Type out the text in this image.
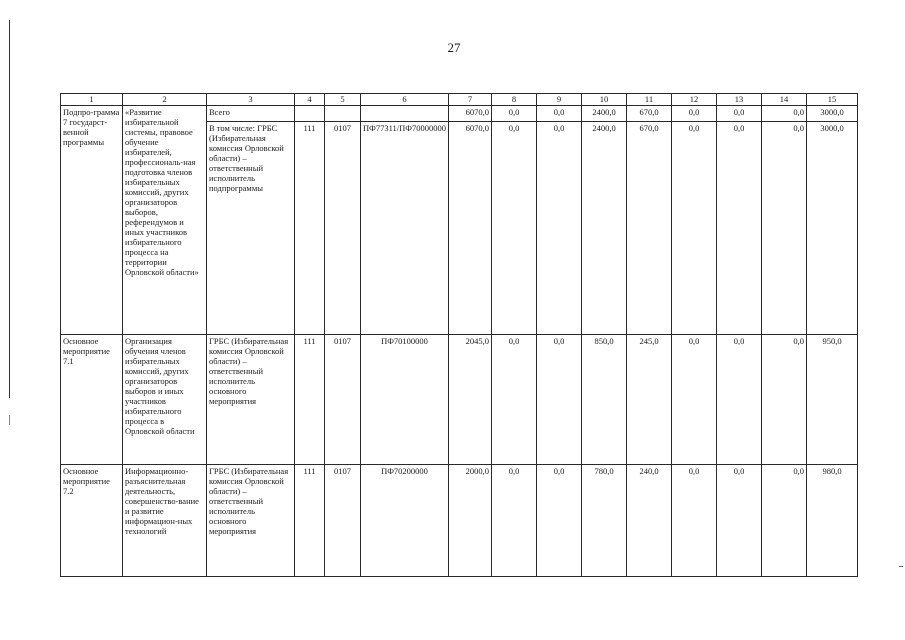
27
1	2	3	4	5	6	7	8	9	10	11	12	13	14	15
Подпро-грамма 7 государст-венной программы	«Развитие избирательной системы, правовое обучение избирателей, профессиональ-ная подготовка членов избирательных комиссий, других организаторов выборов, референдумов и иных участников избирательного процесса на территории Орловской области»	Всего				6070,0	0,0	0,0	2400,0	670,0	0,0	0,0	0,0	3000,0
		В том числе: ГРБС (Избирательная комиссия Орловской области) – ответственный исполнитель подпрограммы	111	0107	ПФ77311/ПФ70000000	6070,0	0,0	0,0	2400,0	670,0	0,0	0,0	0,0	3000,0
Основное мероприятие 7.1	Организация обучения членов избирательных комиссий, других организаторов выборов и иных участников избирательного процесса в Орловской области	ГРБС (Избирательная комиссия Орловской области) – ответственный исполнитель основного мероприятия	111	0107	ПФ70100000	2045,0	0,0	0,0	850,0	245,0	0,0	0,0	0,0	950,0
Основное мероприятие 7.2	Информационно-разъяснительная деятельность, совершенство-вание и развитие информацион-ных технологий	ГРБС (Избирательная комиссия Орловской области) – ответственный исполнитель основного мероприятия	111	0107	ПФ70200000	2000,0	0,0	0,0	780,0	240,0	0,0	0,0	0,0	980,0
